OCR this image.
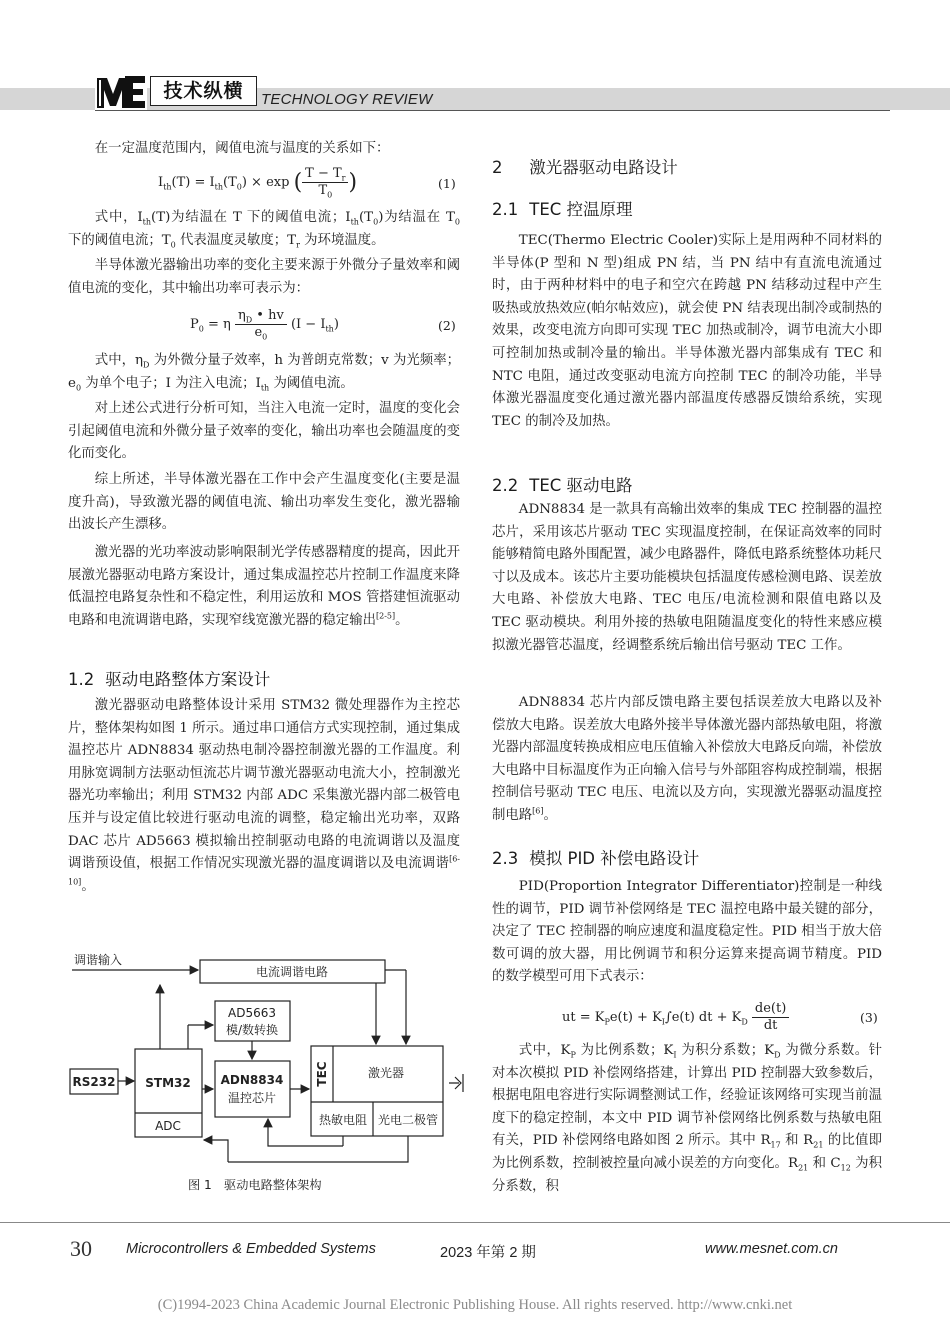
技术纵横	TECHNOLOGY REVIEW

在一定温度范围内，阈值电流与温度的关系如下：

$I_{th}(T) = I_{th}(T_0) \times \exp$ ( $\frac{T - T_r}{T_0}$ )	(1)

式中，$I_{th}(T)$为结温在 T 下的阈值电流；$I_{th}(T_0)$为结温在 $T_0$ 下的阈值电流；$T_0$ 代表温度灵敏度；$T_r$ 为环境温度。

半导体激光器输出功率的变化主要来源于外微分子量效率和阈值电流的变化，其中输出功率可表示为：

$P_0 = \eta \frac{\eta_D • hv}{e_0} (I - I_{th})$	(2)

式中，$\eta_D$ 为外微分量子效率，h 为普朗克常数；v 为光频率；$e_0$ 为单个电子；I 为注入电流；$I_{th}$ 为阈值电流。

对上述公式进行分析可知，当注入电流一定时，温度的变化会引起阈值电流和外微分量子效率的变化，输出功率也会随温度的变化而变化。

综上所述，半导体激光器在工作中会产生温度变化(主要是温度升高)，导致激光器的阈值电流、输出功率发生变化，激光器输出波长产生漂移。

激光器的光功率波动影响限制光学传感器精度的提高，因此开展激光器驱动电路方案设计，通过集成温控芯片控制工作温度来降低温控电路复杂性和不稳定性，利用运放和 MOS 管搭建恒流驱动电路和电流调谐电路，实现窄线宽激光器的稳定输出[2-5]。

1.2 驱动电路整体方案设计

激光器驱动电路整体设计采用 STM32 微处理器作为主控芯片，整体架构如图 1 所示。通过串口通信方式实现控制，通过集成温控芯片 ADN8834 驱动热电制冷器控制激光器的工作温度。利用脉宽调制方法驱动恒流芯片调节激光器驱动电流大小，控制激光器光功率输出；利用 STM32 内部 ADC 采集激光器内部二极管电压并与设定值比较进行驱动电流的调整，稳定输出光功率，双路 DAC 芯片 AD5663 模拟输出控制驱动电路的电流调谐以及温度调谐预设值，根据工作情况实现激光器的温度调谐以及电流调谐[6-10]。

电流调谐电路
调谐输入
AD5663
模/数转换
STM32
ADC
RS232	ADN8834
温控芯片
TEC	激光器
热敏电阻 光电二极管
图 1　驱动电路整体架构
2 激光器驱动电路设计
2.1 TEC 控温原理

TEC(Thermo Electric Cooler)实际上是用两种不同材料的半导体(P 型和 N 型)组成 PN 结，当 PN 结中有直流电流通过时，由于两种材料中的电子和空穴在跨越 PN 结移动过程中产生吸热或放热效应(帕尔帖效应)，就会使 PN 结表现出制冷或制热的效果，改变电流方向即可实现 TEC 加热或制冷，调节电流大小即可控制加热或制冷量的输出。半导体激光器内部集成有 TEC 和 NTC 电阻，通过改变驱动电流方向控制 TEC 的制冷功能，半导体激光器温度变化通过激光器内部温度传感器反馈给系统，实现 TEC 的制冷及加热。

2.2 TEC 驱动电路

ADN8834 是一款具有高输出效率的集成 TEC 控制器的温控芯片，采用该芯片驱动 TEC 实现温度控制，在保证高效率的同时能够精简电路外围配置，减少电路器件，降低电路系统整体功耗尺寸以及成本。该芯片主要功能模块包括温度传感检测电路、误差放大电路、补偿放大电路、TEC 电压/电流检测和限值电路以及 TEC 驱动模块。利用外接的热敏电阻随温度变化的特性来感应模拟激光器管芯温度，经调整系统后输出信号驱动 TEC 工作。

ADN8834 芯片内部反馈电路主要包括误差放大电路以及补偿放大电路。误差放大电路外接半导体激光器内部热敏电阻，将激光器内部温度转换成相应电压值输入补偿放大电路反向端，补偿放大电路中目标温度作为正向输入信号与外部阻容构成控制端，根据控制信号驱动 TEC 电压、电流以及方向，实现激光器驱动温度控制电路[6]。

2.3 模拟 PID 补偿电路设计

PID(Proportion Integrator Differentiator)控制是一种线性的调节，PID 调节补偿网络是 TEC 温控电路中最关键的部分，决定了 TEC 控制器的响应速度和温度稳定性。PID 相当于放大倍数可调的放大器，用比例调节和积分运算来提高调节精度。PID 的数学模型可用下式表示：

ut = $K_Pe(t) + K_I\int e(t)$ dt + $K_D \frac{de(t)}{dt}$	(3)

式中，$K_P$ 为比例系数；$K_I$ 为积分系数；$K_D$ 为微分系数。针对本次模拟 PID 补偿网络搭建，计算出 PID 控制器大致参数后，根据电阻电容进行实际调整测试工作，经验证该网络可实现当前温度下的稳定控制，本文中 PID 调节补偿网络比例系数与热敏电阻有关，PID 补偿网络电路如图 2 所示。其中 $R_{17}$ 和 $R_{21}$ 的比值即为比例系数，控制被控量向减小误差的方向变化。$R_{21}$ 和 $C_{12}$ 为积分系数，积

30 Microcontrollers & Embedded Systems	2023 年第 2 期	www.mesnet.com.cn
(C)1994-2023 China Academic Journal Electronic Publishing House. All rights reserved. http://www.cnki.net
